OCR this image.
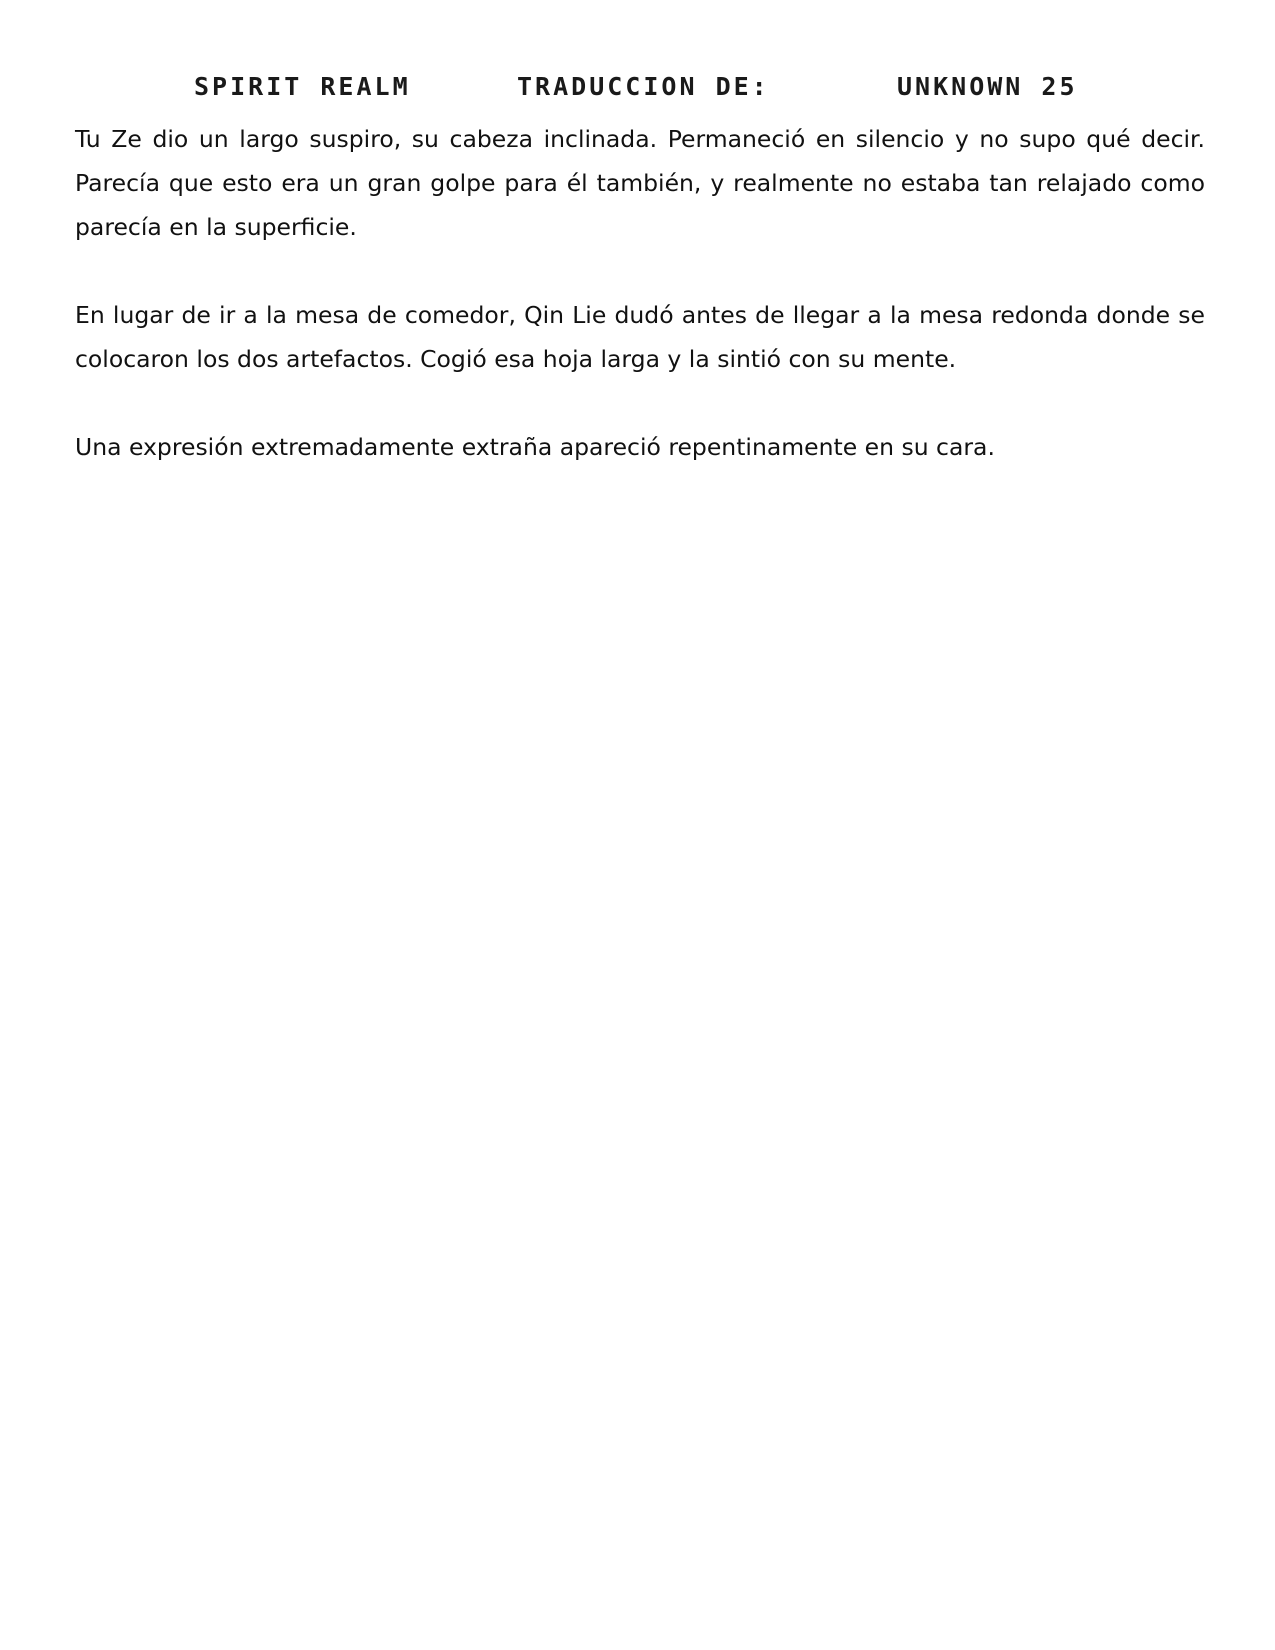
SPIRIT REALM	TRADUCCION DE:	UNKNOWN 25

Tu Ze dio un largo suspiro, su cabeza inclinada. Permaneció en silencio y no supo qué decir. Parecía que esto era un gran golpe para él también, y realmente no estaba tan relajado como parecía en la superficie.

En lugar de ir a la mesa de comedor, Qin Lie dudó antes de llegar a la mesa redonda donde se colocaron los dos artefactos. Cogió esa hoja larga y la sintió con su mente.

Una expresión extremadamente extraña apareció repentinamente en su cara.
